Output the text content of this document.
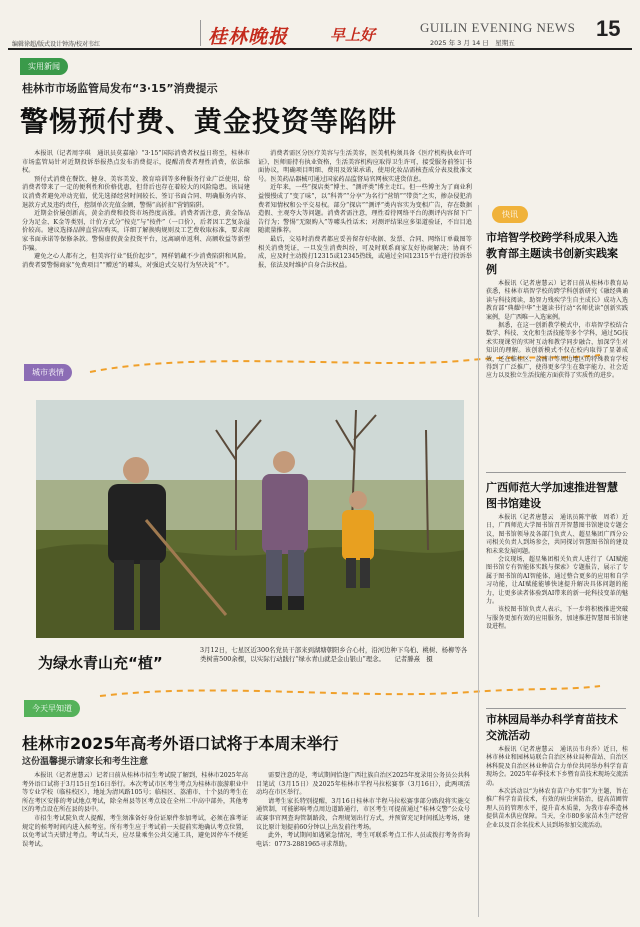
编辑徐超/版式设计钟涛/校对韦红	桂林晚报	早上好	GUILIN EVENING NEWS
2025 年 3 月 14 日　星期五
15
实用新闻
桂林市市场监管局发布“3·15”消费提示
警惕预付费、黄金投资等陷阱

本报讯（记者周字琪　通讯员莫嘉瑜）“3·15”国际消费者权益日将至，桂林市市场监管局针对近期投诉举报热点发布消费提示，提醒消费者理性消费，依法维权。

预付式消费在餐饮、健身、美容美发、教育培训等多种服务行业广泛使用，给消费者带来了一定的便利性和价格优惠，但背后也存在着较大的风险隐患。该局建议消费者避免冲动充值，优先选择经营时间较长、签订书面合同、明确服务内容、退款方式及违约责任，控制单次充值金额，警惕“高折扣”营销陷阱。

近期金价屡创新高，黄金消费和投资市场热度高涨。消费者需注意，黄金饰品分为足金、K金等类别，计价方式分“按克”与“按件”（一口价），后者因工艺复杂溢价较高。建议选择品牌直营店购买，详细了解换购规则及工艺费收取标准，要求商家书面承诺等保修条款。警惕虚假黄金投资平台，远离刷单返利、高额收益等新型诈骗。

避免之心人都有之，但美容行业“低价起步”，网样销藏不少消费陷阱和风险。消费者要警惕商家“免费项目”“赠送”的噱头，对强迫式交易行为坚决说“不”。

消费者需区分医疗美容与生活美容，医美机构须具备《医疗机构执业许可证》，医师需持有执业资格，生活美容机构应取得卫生许可，接受服务前签订书面协议，明确项目明细、费用及效果承诺，使用化妆品需核查成分表及批准文号。医美药品器械可通过国家药品监督局官网核实进货信息。

近年来，一些“探店类”博主、“测评类”博主走红。但一些博主为了商业利益慢慢成了“变了味”，以“科普”“分享”为名行“营销”“带货”之实，掺杂侵犯消费者知情权和公平交易权。部分“探店”“测评”类内容实为变相广告，存在数据造假、主观夸大等问题。消费者需注意，理性看待网络平台的测评内容留下广告行为；警惕“无限购入”等噱头性话术；对测评结果应多渠道验证，不盲目追随流量推荐。

最后，交易时消费者都应妥善留存好收据、发票、合同、网络订单截图等相关消费凭证，一旦发生消费纠纷，可及时联系商家友好协商解决；协商不成，应及时主动拨打12315或12345热线，或通过全国12315平台进行投诉举报，依法及时维护自身合法权益。

城市表情
为绿水青山充“植”
3月12日，七星区近300名党员干部来到湖塘朝阳乡合心村，沿河边种下乌桕、桃树、杨柳等各类树苗500余棵，以实际行动践行“绿水青山就是金山银山”理念。　　记者滕熹　摄
今天早知道
桂林市2025年高考外语口试将于本周末举行
这份温馨提示请家长和考生注意

本报讯（记者唐慧云）记者日前从桂林市招生考试院了解到，桂林市2025年高考外语口试将于3月15日至16日举行。本次考试市区考生考点为桂林市旅游职业中等专业学校（临桂校区），地址为清风路105号；临桂区、荔浦市、十个县的考生在所在考区安排的考试地点考试，除全州县等区考点设在全州二中高中部外，其他考区的考点设在所在县的县中。

市招生考试院负责人提醒，考生须准备好身份证原件参加考试，必须在准考证规定的候考时间内进入候考室。所有考生应于考试前一天提前实地确认考点位置，以免考试当天错过考点。考试当天，应尽量乘坐公共交通工具，避免因停车不便延误考试。

需要注意的是，考试期间恰逢广西壮族自治区2025年度录用公务员公共科目笔试（3月15日）及2025年桂林市半程马拉松赛事（3月16日），此两项活动均在市区举行。

请考生家长特别提醒，3月16日桂林市半程马拉松赛事部分路段将实施交通管制，可能影响考点周边道路通行，市区考生可提前通过“桂林交警”公众号或赛事官网查询管制路段，合理规划出行方式，并预留充足时间抵达考场，建议比原计划提前60分钟以上出发前往考场。

此外，考试期间如遇紧急情况，考生可联系考点工作人员或拨打考务咨询电话：0773-2881965寻求帮助。

快讯
市培智学校跨学科成果入选教育部主题读书创新实践案例

本报讯（记者唐慧云）记者日前从桂林市教育局获悉，桂林市培智学校的跨学科创新研究《融经典诵读与科技阅读，助智力残疾学生自主成长》成功入选教育部“典耀中华”主题读书行动“名师优读”创新实践案例，是广西唯一入选案例。

据悉，在这一创新教学模式中，市培智学校结合数学、科技、文化和生活技能等多个学科，通过5G技术实现课堂的实时互动和教学同步融合，加深学生对知识的理解。该创新模式不仅在校内取得了显著成效，还在临桂区、荔浦市等周边地区的特殊教育学校得到了广泛推广，使得更多学生在数字能力、社会适应力以及独立生活技能方面获得了实质性的进步。

广西师范大学加速推进智慧图书馆建设

本报讯（记者唐慧云　通讯员陈宇敏　周希）近日，广西师范大学图书馆召开智慧图书馆建设专题会议，图书馆领导及各部门负责人、超星集团广西分公司相关负责人到场参会，共同探讨智慧图书馆的建设和未来发展问题。

会议现场，超星集团相关负责人进行了《AI赋能　图书馆专有智能体实践与探索》专题报告，展示了专属于图书馆的AI智能体，通过整合更多的应用和自学习功能，让AI赋能能够快速提升解决具体问题的能力，让更多读者体验到AI带来的新一轮科技变革的魅力。

该校图书馆负责人表示，下一步将积极推进突破与服务更加有效的应用服务，加速推进智慧图书馆建设进程。

市林园局举办科学育苗技术交流活动

本报讯（记者唐慧云　通讯员韦舟乔）近日，桂林市林业和园林局联合自治区林业局种苗站、自治区林科院及自治区林业种苗合力单位共同举办科学育苗现场会。2025年春季技术下乡暨育苗技术现场交流活动。

本次活动以“为林农育苗户办实事”为主题，旨在推广科学育苗技术，有效的病虫害防治，提高苗圃管理人员的管理水平，提升苗木质量，为我市春季造林提供苗木供应保障。当天，全市80多家苗木生产经营企业以及百余名技术人员到场参加交流活动。
